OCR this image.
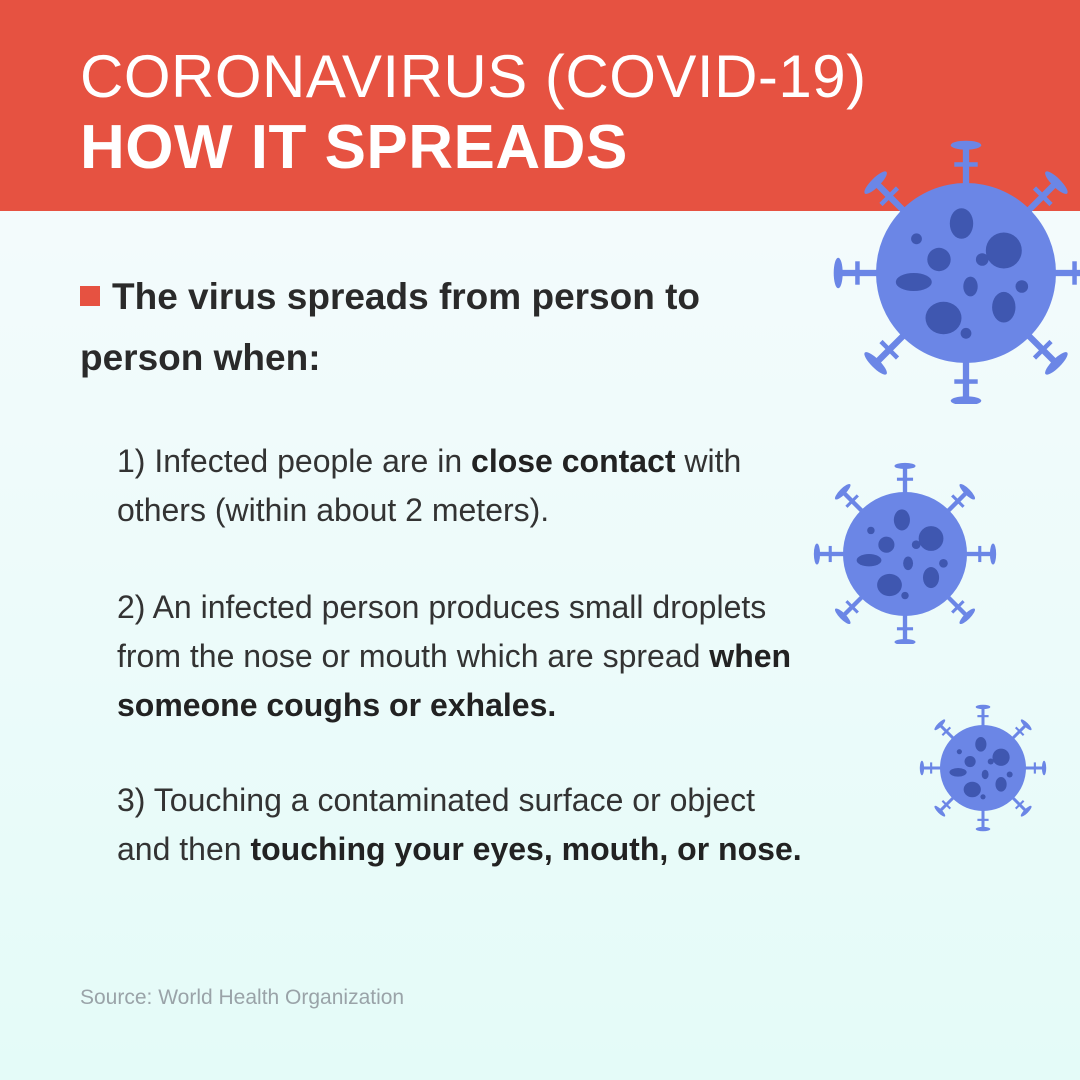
CORONAVIRUS (COVID-19)
HOW IT SPREADS
The virus spreads from person to person when:
1) Infected people are in close contact with others (within about 2 meters).
2) An infected person produces small droplets from the nose or mouth which are spread when someone coughs or exhales.
3) Touching a contaminated surface or object and then touching your eyes, mouth, or nose.
Source: World Health Organization
